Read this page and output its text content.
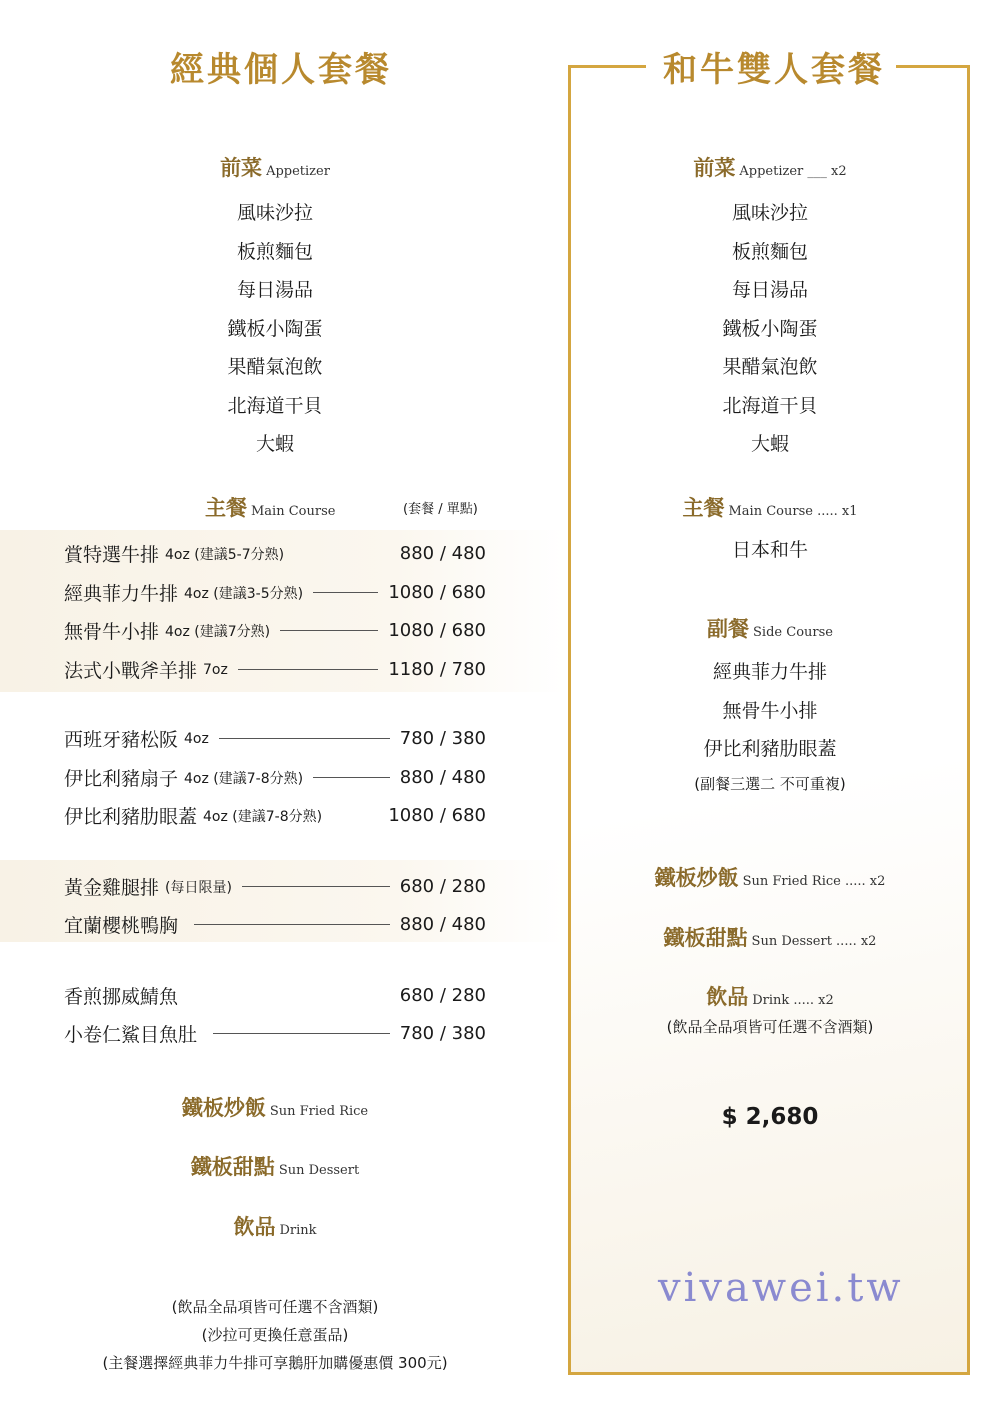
經典個人套餐	和牛雙人套餐
前菜 Appetizer
風味沙拉
板煎麵包
每日湯品
鐵板小陶蛋
果醋氣泡飲
北海道干貝
大蝦
主餐 Main Course	(套餐 / 單點)
賞特選牛排 4oz (建議5-7分熟)	880 / 480
經典菲力牛排 4oz (建議3-5分熟)	1080 / 680
無骨牛小排 4oz (建議7分熟)	1080 / 680
法式小戰斧羊排 7oz	1180 / 780
西班牙豬松阪 4oz	780 / 380
伊比利豬扇子 4oz (建議7-8分熟)	880 / 480
伊比利豬肋眼蓋 4oz (建議7-8分熟)	1080 / 680
黃金雞腿排 (每日限量)	680 / 280
宜蘭櫻桃鴨胸	880 / 480
香煎挪威鯖魚	680 / 280
小卷仁鯊目魚肚	780 / 380
鐵板炒飯 Sun Fried Rice
鐵板甜點 Sun Dessert
飲品 Drink
(飲品全品項皆可任選不含酒類)
(沙拉可更換任意蛋品)
(主餐選擇經典菲力牛排可享鵝肝加購優惠價 300元)
前菜 Appetizer ___ x2
風味沙拉
板煎麵包
每日湯品
鐵板小陶蛋
果醋氣泡飲
北海道干貝
大蝦
主餐 Main Course ..... x1
日本和牛
副餐 Side Course
經典菲力牛排
無骨牛小排
伊比利豬肋眼蓋
(副餐三選二 不可重複)
鐵板炒飯 Sun Fried Rice ..... x2
鐵板甜點 Sun Dessert ..... x2
飲品 Drink ..... x2
(飲品全品項皆可任選不含酒類)
$ 2,680
vivawei.tw
